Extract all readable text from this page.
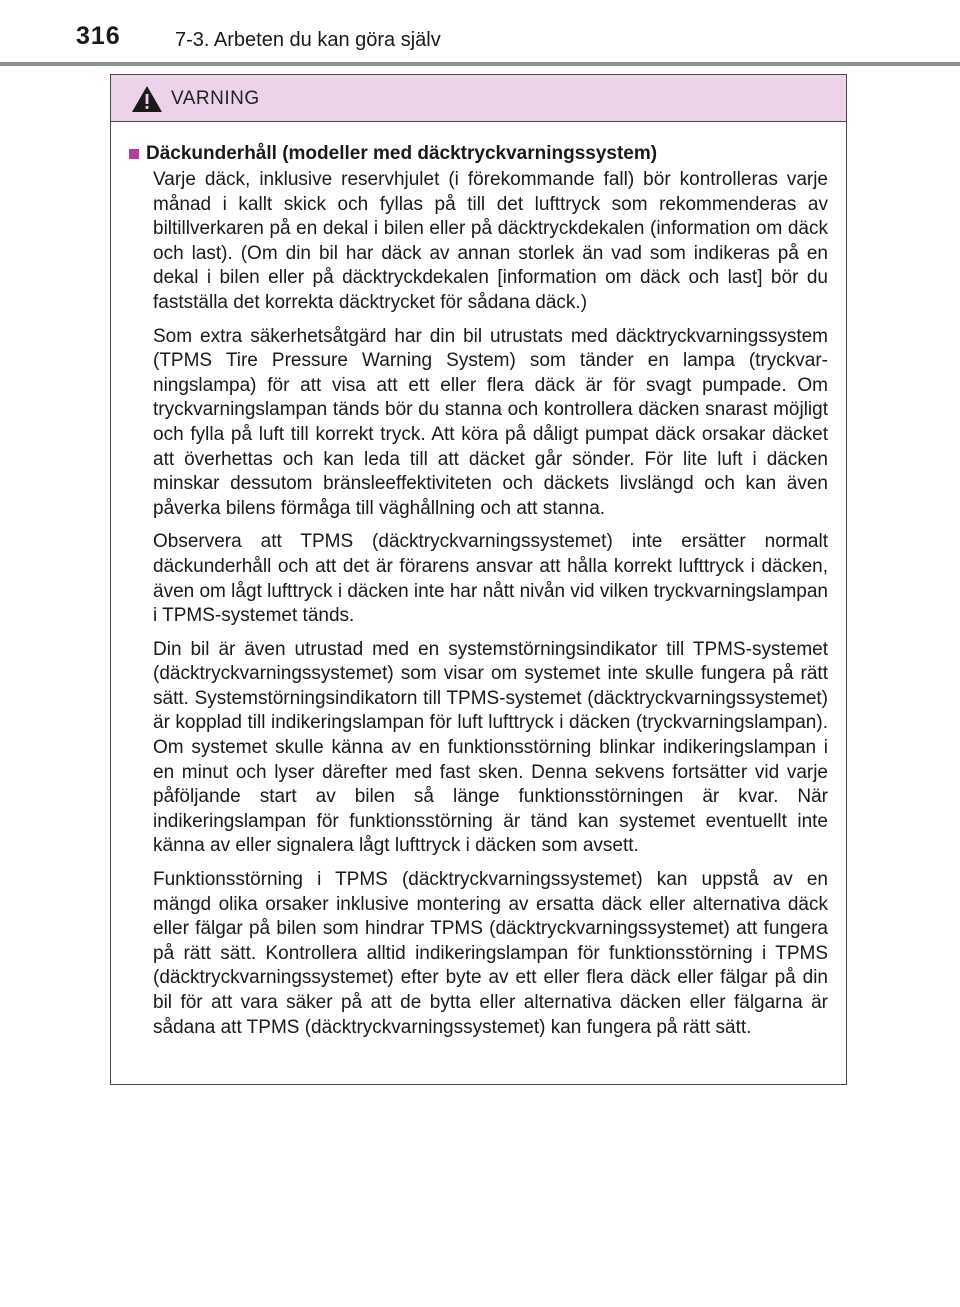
316	7-3. Arbeten du kan göra själv
VARNING
Däckunderhåll (modeller med däcktryckvarningssystem)

Varje däck, inklusive reservhjulet (i förekommande fall) bör kontrolleras varje månad i kallt skick och fyllas på till det lufttryck som rekommenderas av biltillverkaren på en dekal i bilen eller på däcktryckdekalen (information om däck och last). (Om din bil har däck av annan storlek än vad som indikeras på en dekal i bilen eller på däcktryckdekalen [information om däck och last] bör du fastställa det korrekta däcktrycket för sådana däck.)

Som extra säkerhetsåtgärd har din bil utrustats med däcktryckvarningssystem (TPMS Tire Pressure Warning System) som tänder en lampa (tryckvarningslampa) för att visa att ett eller flera däck är för svagt pumpade. Om tryckvarningslampan tänds bör du stanna och kontrollera däcken snarast möjligt och fylla på luft till korrekt tryck. Att köra på dåligt pumpat däck orsakar däcket att överhettas och kan leda till att däcket går sönder. För lite luft i däcken minskar dessutom bränsleeffektiviteten och däckets livslängd och kan även påverka bilens förmåga till väghållning och att stanna.

Observera att TPMS (däcktryckvarningssystemet) inte ersätter normalt däckunderhåll och att det är förarens ansvar att hålla korrekt lufttryck i däcken, även om lågt lufttryck i däcken inte har nått nivån vid vilken tryckvarningslampan i TPMS-systemet tänds.

Din bil är även utrustad med en systemstörningsindikator till TPMS-systemet (däcktryckvarningssystemet) som visar om systemet inte skulle fungera på rätt sätt. Systemstörningsindikatorn till TPMS-systemet (däcktryckvarningssystemet) är kopplad till indikeringslampan för luft lufttryck i däcken (tryckvarningslampan). Om systemet skulle känna av en funktionsstörning blinkar indikeringslampan i en minut och lyser därefter med fast sken. Denna sekvens fortsätter vid varje påföljande start av bilen så länge funktionsstörningen är kvar. När indikeringslampan för funktionsstörning är tänd kan systemet eventuellt inte känna av eller signalera lågt lufttryck i däcken som avsett.

Funktionsstörning i TPMS (däcktryckvarningssystemet) kan uppstå av en mängd olika orsaker inklusive montering av ersatta däck eller alternativa däck eller fälgar på bilen som hindrar TPMS (däcktryckvarningssystemet) att fungera på rätt sätt. Kontrollera alltid indikeringslampan för funktionsstörning i TPMS (däcktryckvarningssystemet) efter byte av ett eller flera däck eller fälgar på din bil för att vara säker på att de bytta eller alternativa däcken eller fälgarna är sådana att TPMS (däcktryckvarningssystemet) kan fungera på rätt sätt.
